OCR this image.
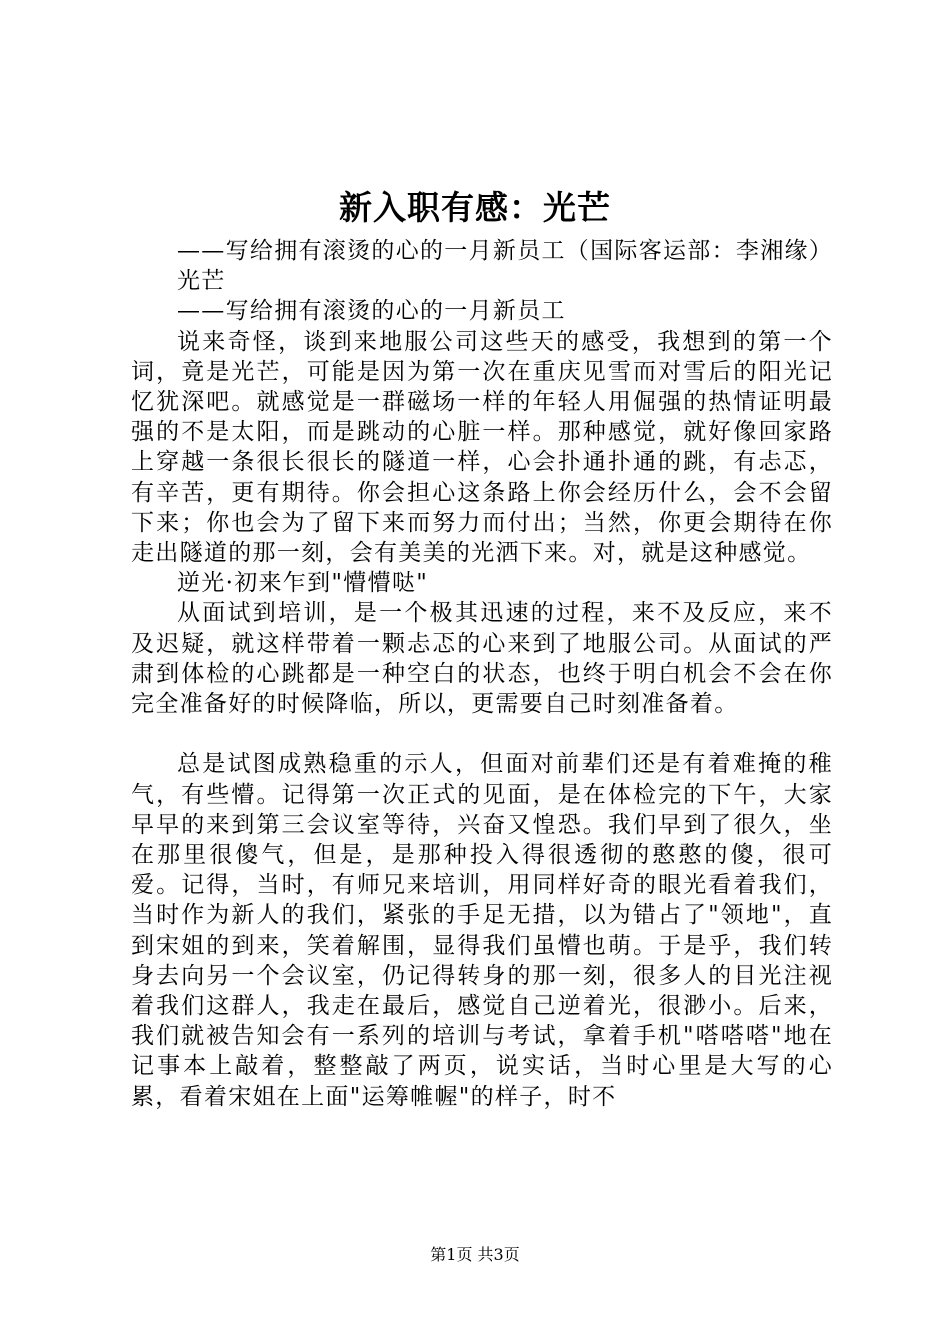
新入职有感：光芒

——写给拥有滚烫的心的一月新员工（国际客运部：李湘缘）

光芒

——写给拥有滚烫的心的一月新员工

说来奇怪，谈到来地服公司这些天的感受，我想到的第一个词，竟是光芒，可能是因为第一次在重庆见雪而对雪后的阳光记忆犹深吧。就感觉是一群磁场一样的年轻人用倔强的热情证明最强的不是太阳，而是跳动的心脏一样。那种感觉，就好像回家路上穿越一条很长很长的隧道一样，心会扑通扑通的跳，有忐忑，有辛苦，更有期待。你会担心这条路上你会经历什么，会不会留下来；你也会为了留下来而努力而付出；当然，你更会期待在你走出隧道的那一刻，会有美美的光洒下来。对，就是这种感觉。

逆光·初来乍到"懵懵哒"

从面试到培训，是一个极其迅速的过程，来不及反应，来不及迟疑，就这样带着一颗忐忑的心来到了地服公司。从面试的严肃到体检的心跳都是一种空白的状态，也终于明白机会不会在你完全准备好的时候降临，所以，更需要自己时刻准备着。

总是试图成熟稳重的示人，但面对前辈们还是有着难掩的稚气，有些懵。记得第一次正式的见面，是在体检完的下午，大家早早的来到第三会议室等待，兴奋又惶恐。我们早到了很久，坐在那里很傻气，但是，是那种投入得很透彻的憨憨的傻，很可爱。记得，当时，有师兄来培训，用同样好奇的眼光看着我们，当时作为新人的我们，紧张的手足无措，以为错占了"领地"，直到宋姐的到来，笑着解围，显得我们虽懵也萌。于是乎，我们转身去向另一个会议室，仍记得转身的那一刻，很多人的目光注视着我们这群人，我走在最后，感觉自己逆着光，很渺小。后来，我们就被告知会有一系列的培训与考试，拿着手机"嗒嗒嗒"地在记事本上敲着，整整敲了两页，说实话，当时心里是大写的心累，看着宋姐在上面"运筹帷幄"的样子，时不

第1页 共3页
